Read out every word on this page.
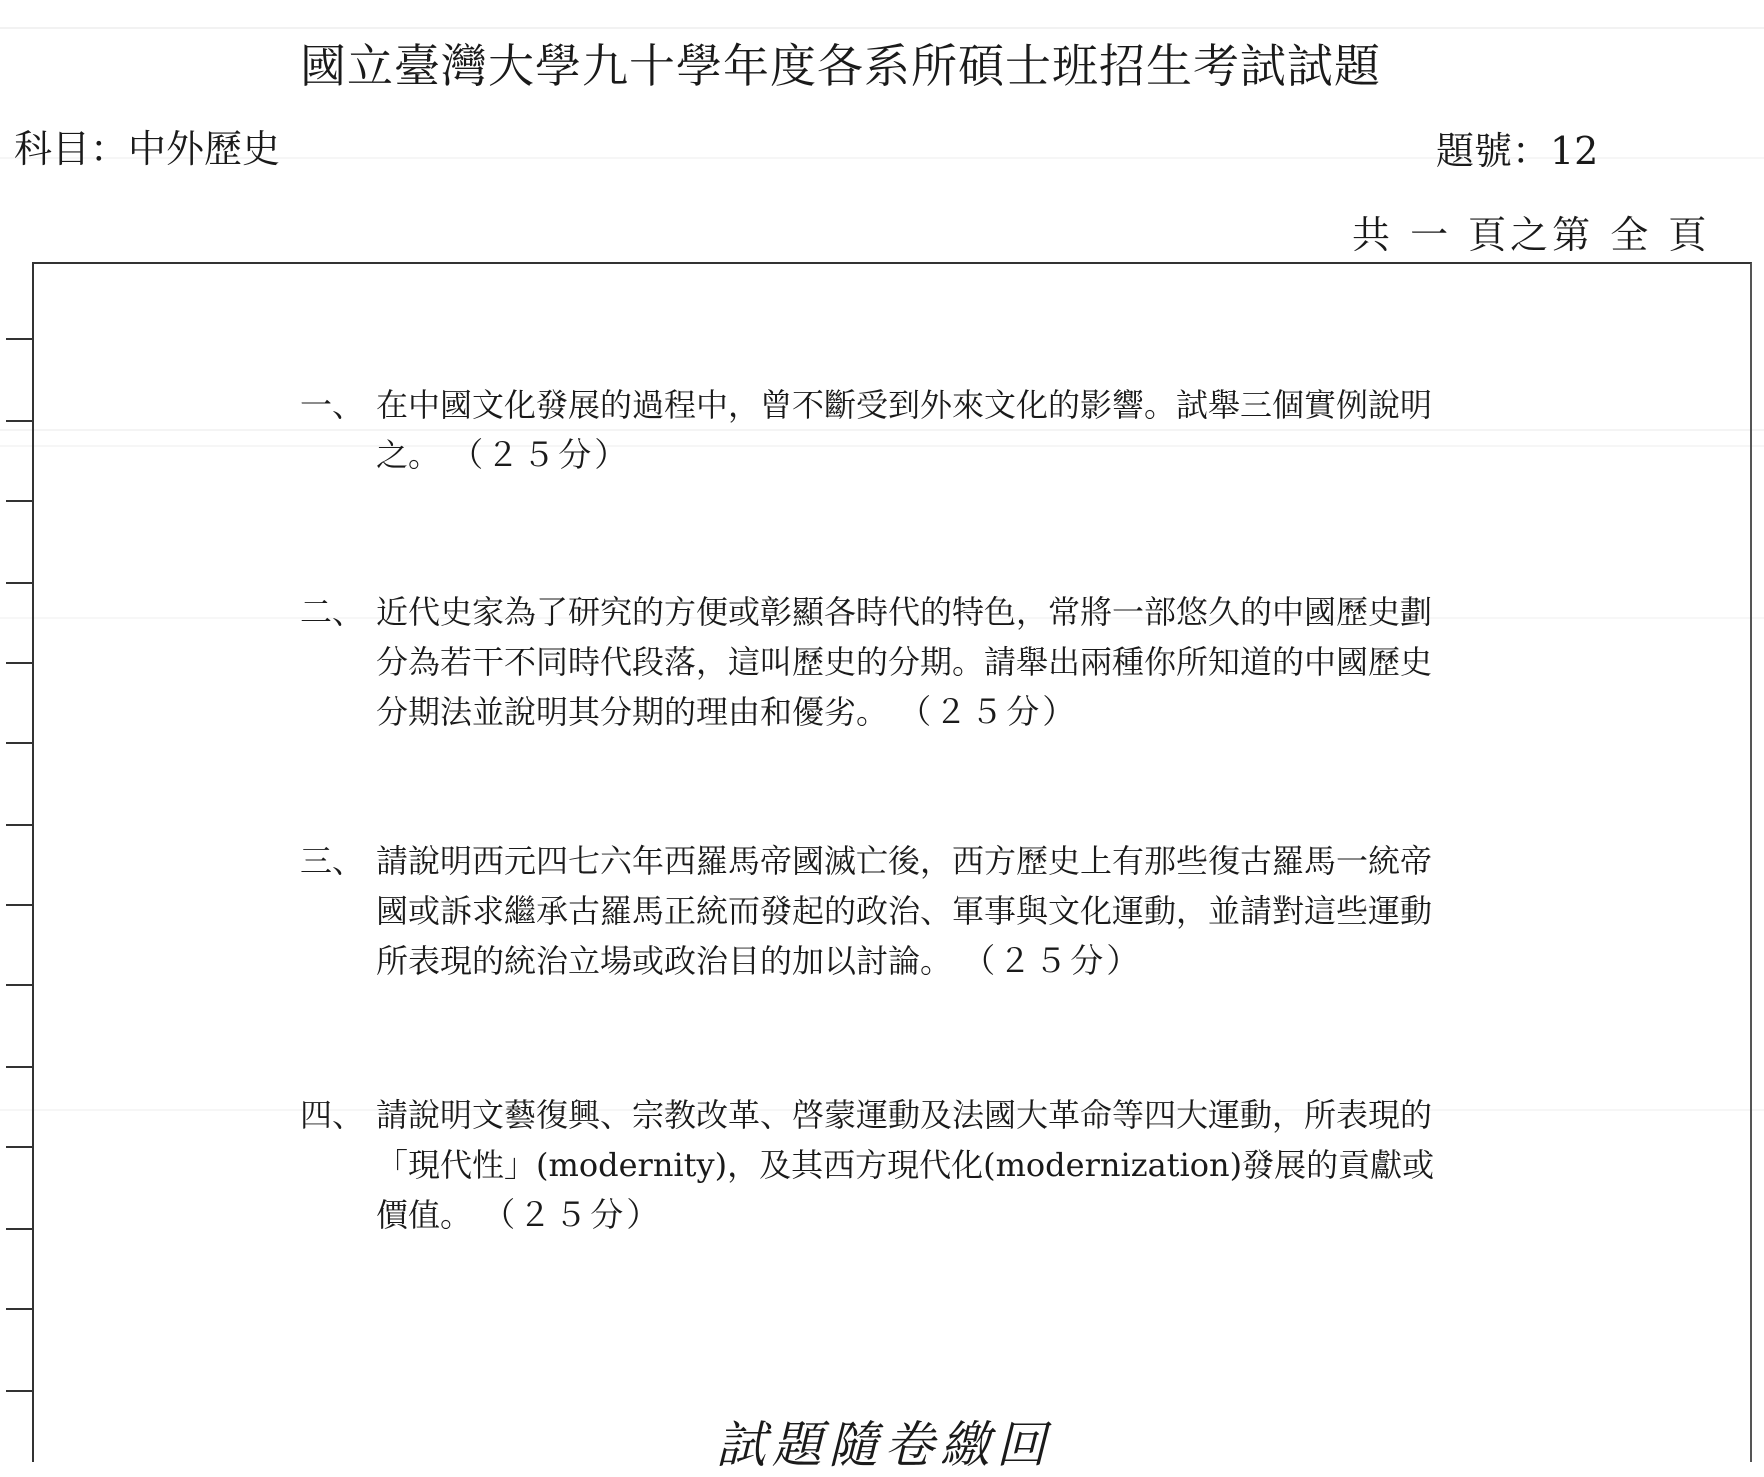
國立臺灣大學九十學年度各系所碩士班招生考試試題
科目：中外歷史	題號：12
共 一 頁之第 全 頁
一、 在中國文化發展的過程中，曾不斷受到外來文化的影響。試舉三個實例說明之。 （２５分）
二、 近代史家為了研究的方便或彰顯各時代的特色，常將一部悠久的中國歷史劃分為若干不同時代段落，這叫歷史的分期。請舉出兩種你所知道的中國歷史分期法並說明其分期的理由和優劣。 （２５分）
三、 請說明西元四七六年西羅馬帝國滅亡後，西方歷史上有那些復古羅馬一統帝國或訴求繼承古羅馬正統而發起的政治、軍事與文化運動，並請對這些運動所表現的統治立場或政治目的加以討論。 （２５分）
四、 請說明文藝復興、宗教改革、啓蒙運動及法國大革命等四大運動，所表現的「現代性」(modernity)，及其西方現代化(modernization)發展的貢獻或價值。 （２５分）
試題隨卷繳回
